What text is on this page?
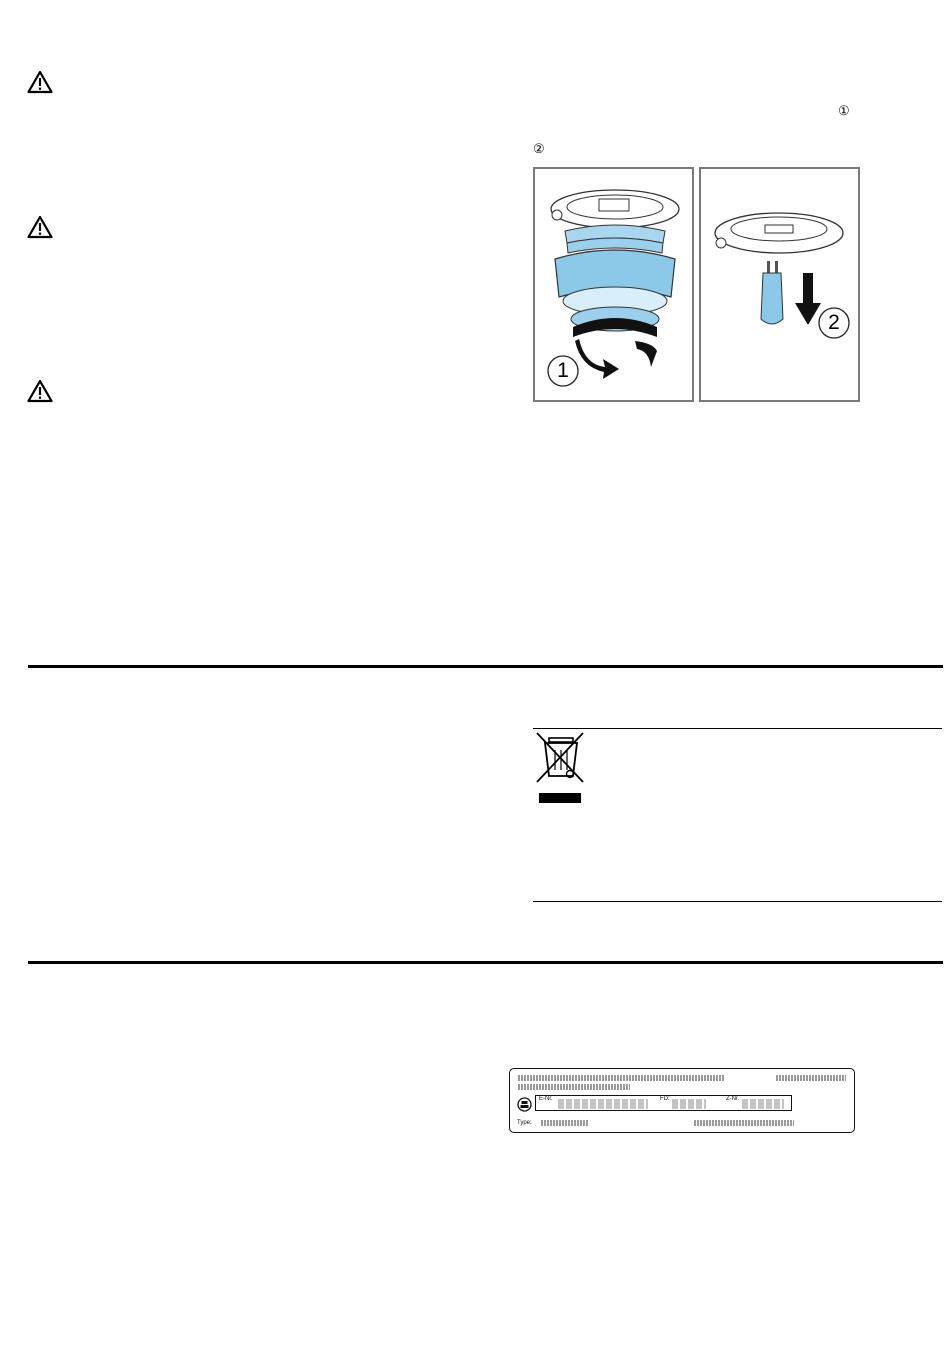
①
②
1
2
E-Nr.	FD:	Z-Nr.
Type:
